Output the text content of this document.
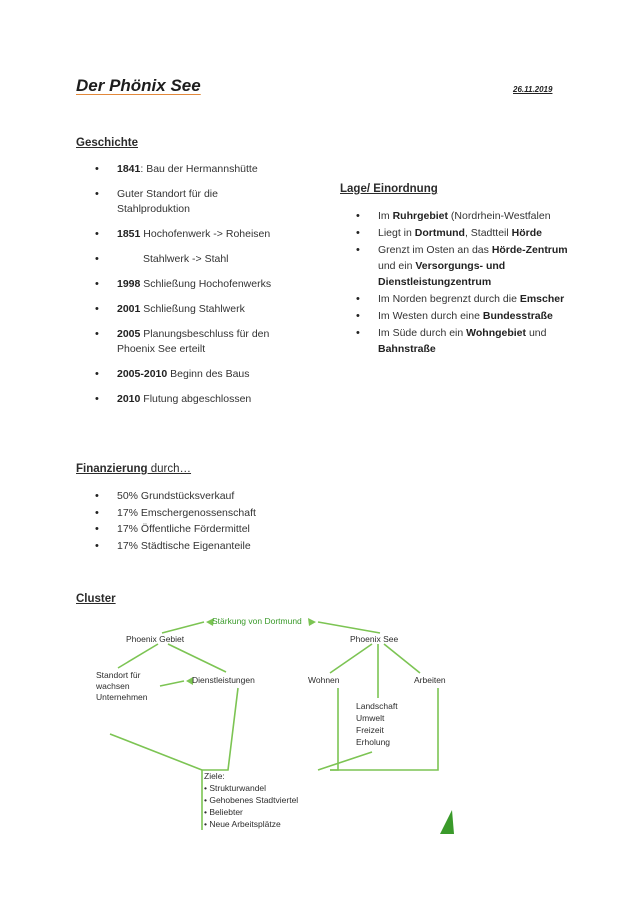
Der Phönix See	26.11.2019
Geschichte
• 1841: Bau der Hermannshütte
• Guter Standort für die Stahlproduktion
• 1851 Hochofenwerk -> Roheisen
• Stahlwerk -> Stahl
• 1998 Schließung Hochofenwerks
• 2001 Schließung Stahlwerk
• 2005 Planungsbeschluss für den Phoenix See erteilt
• 2005-2010 Beginn des Baus
• 2010 Flutung abgeschlossen
Lage/ Einordnung
• Im Ruhrgebiet (Nordrhein-Westfalen
• Liegt in Dortmund, Stadtteil Hörde
• Grenzt im Osten an das Hörde-Zentrum und ein Versorgungs- und Dienstleistungzentrum
• Im Norden begrenzt durch die Emscher
• Im Westen durch eine Bundesstraße
• Im Süde durch ein Wohngebiet und Bahnstraße
Finanzierung durch…
• 50% Grundstücksverkauf
• 17% Emschergenossenschaft
• 17% Öffentliche Fördermittel
• 17% Städtische Eigenanteile
Cluster
Stärkung von Dortmund
Phoenix Gebiet	Phoenix See
Standort für
wachsen
Unternehmen
Dienstleistungen	Wohnen	Arbeiten
Landschaft
Umwelt
Freizeit
Erholung
Ziele:
• Strukturwandel
• Gehobenes Stadtviertel
• Beliebter
• Neue Arbeitsplätze
